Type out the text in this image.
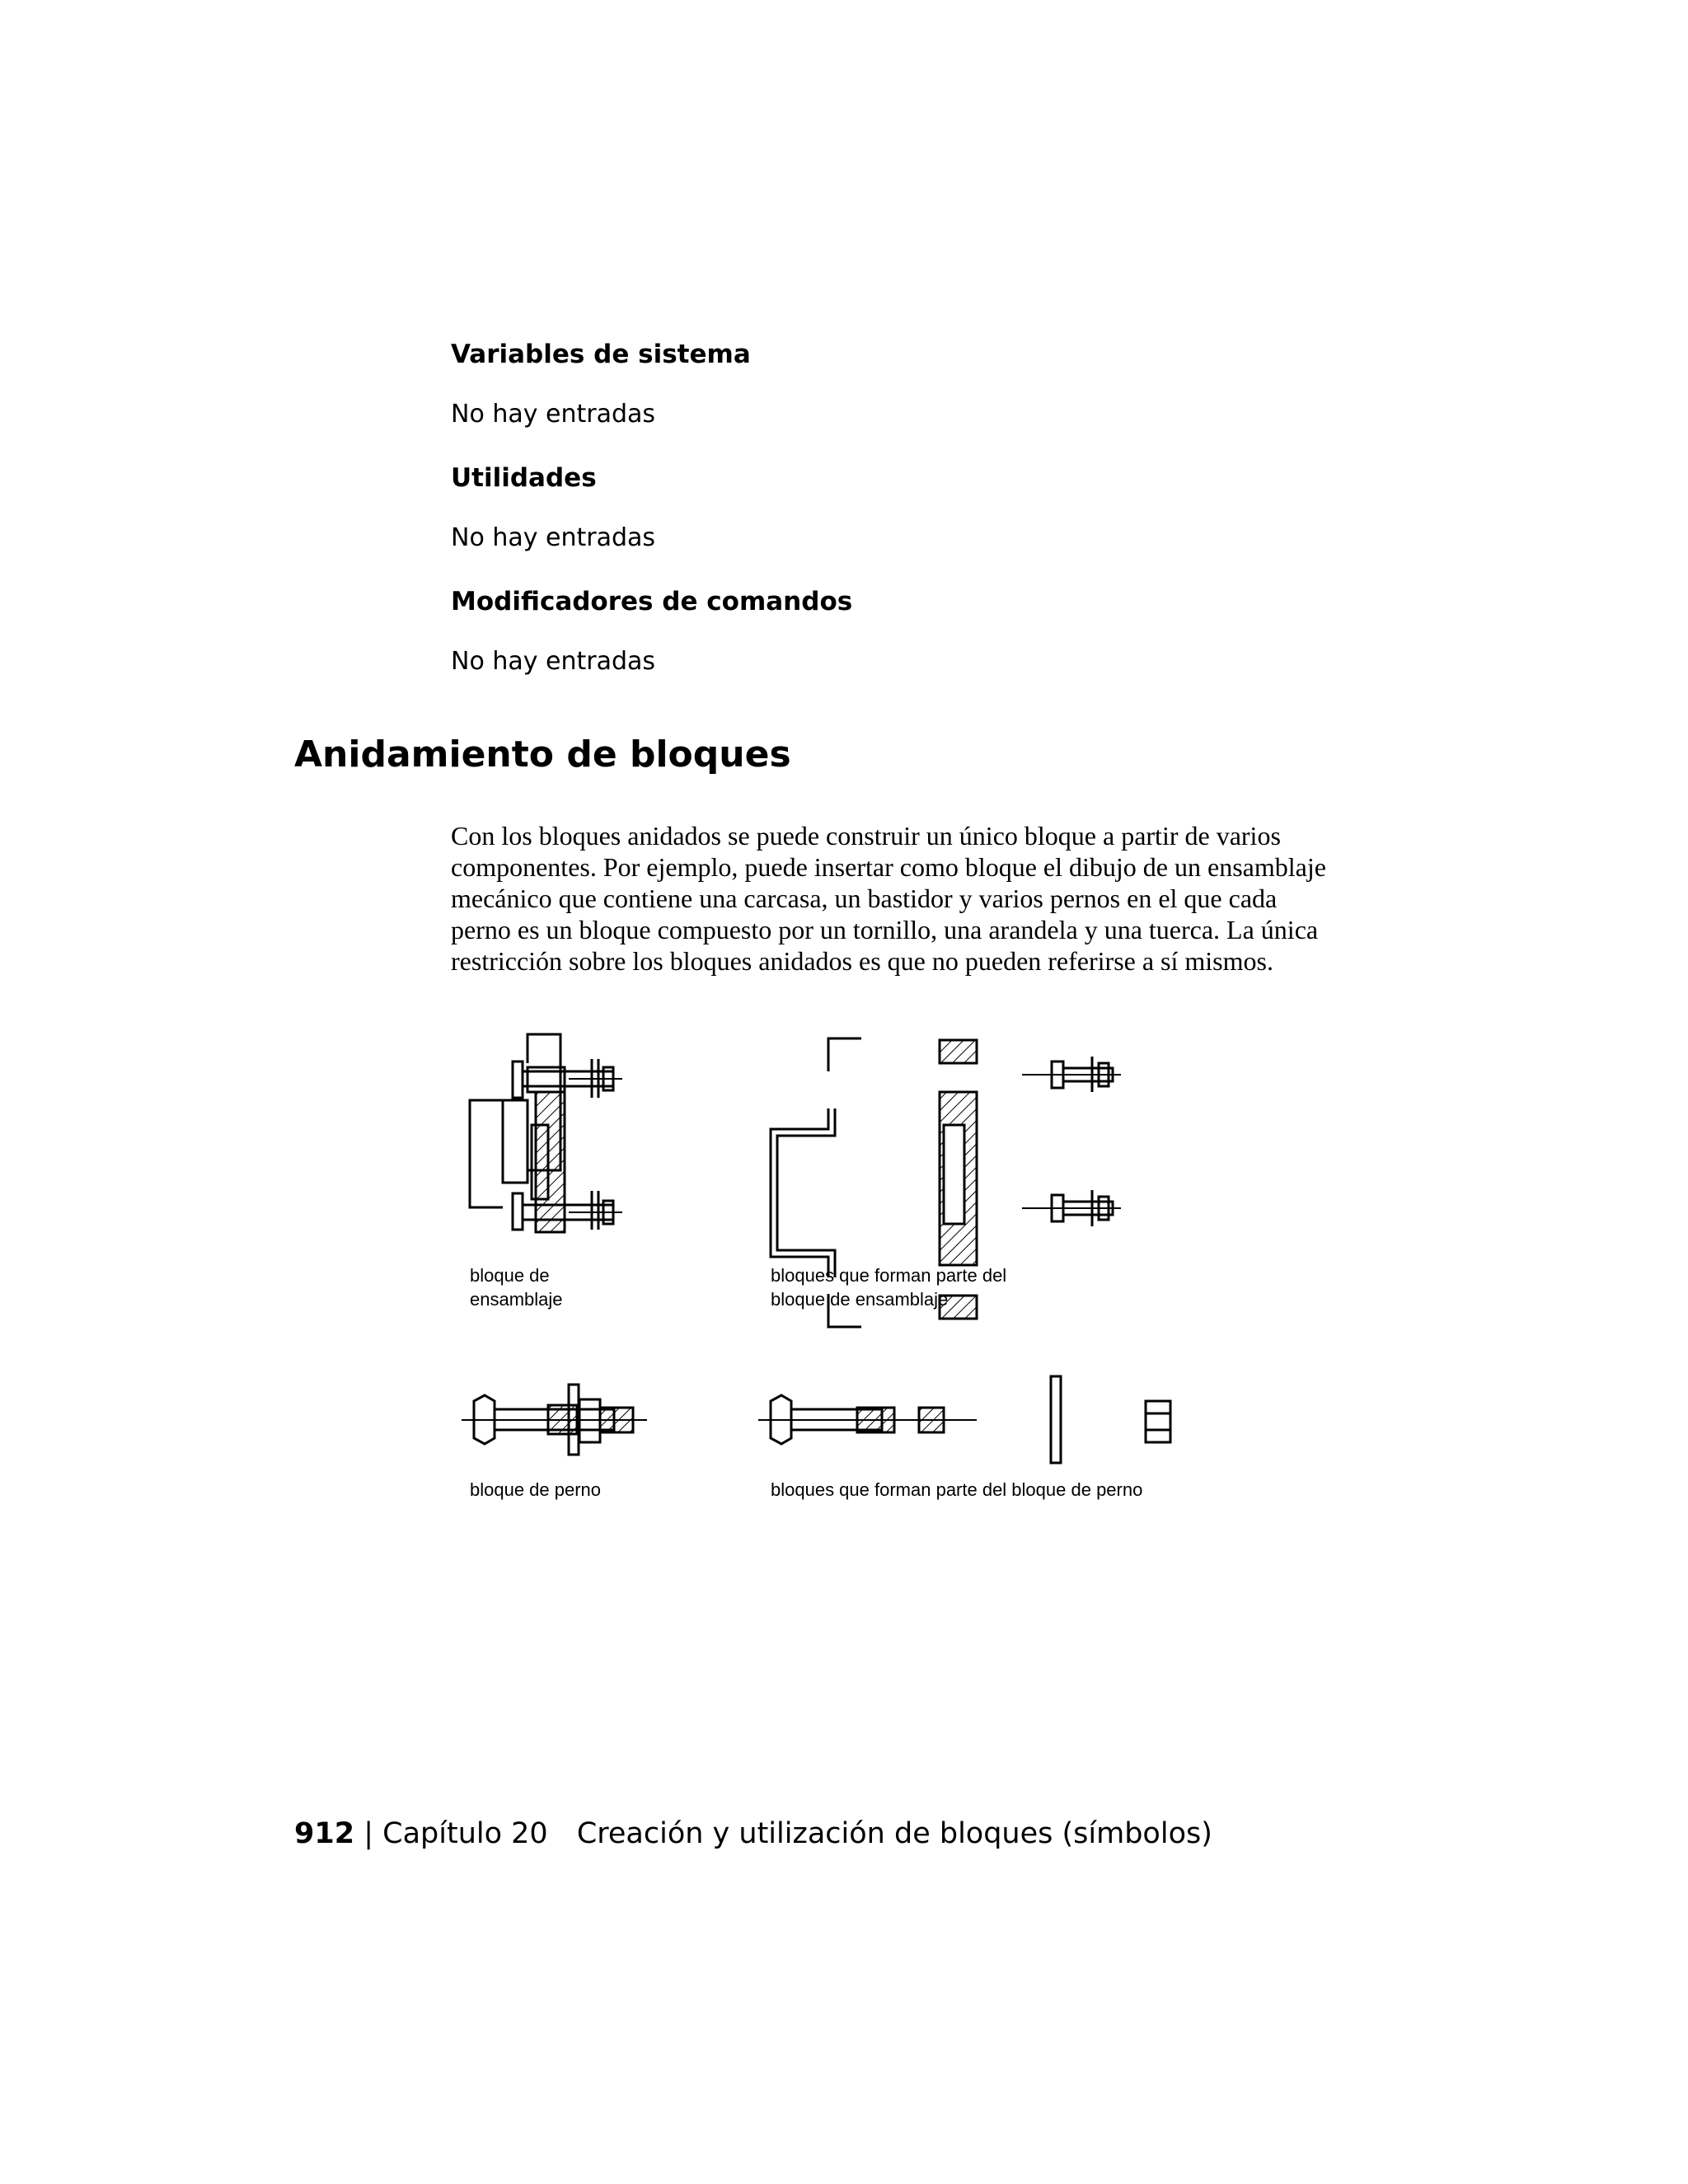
Variables de sistema

No hay entradas

Utilidades

No hay entradas

Modificadores de comandos

No hay entradas

Anidamiento de bloques

Con los bloques anidados se puede construir un único bloque a partir de varios componentes. Por ejemplo, puede insertar como bloque el dibujo de un ensamblaje mecánico que contiene una carcasa, un bastidor y varios pernos en el que cada perno es un bloque compuesto por un tornillo, una arandela y una tuerca. La única restricción sobre los bloques anidados es que no pueden referirse a sí mismos.

bloque de
ensamblaje
bloques que forman parte del
bloque de ensamblaje
bloque de perno	bloques que forman parte del bloque de perno

912 | Capítulo 20 Creación y utilización de bloques (símbolos)
